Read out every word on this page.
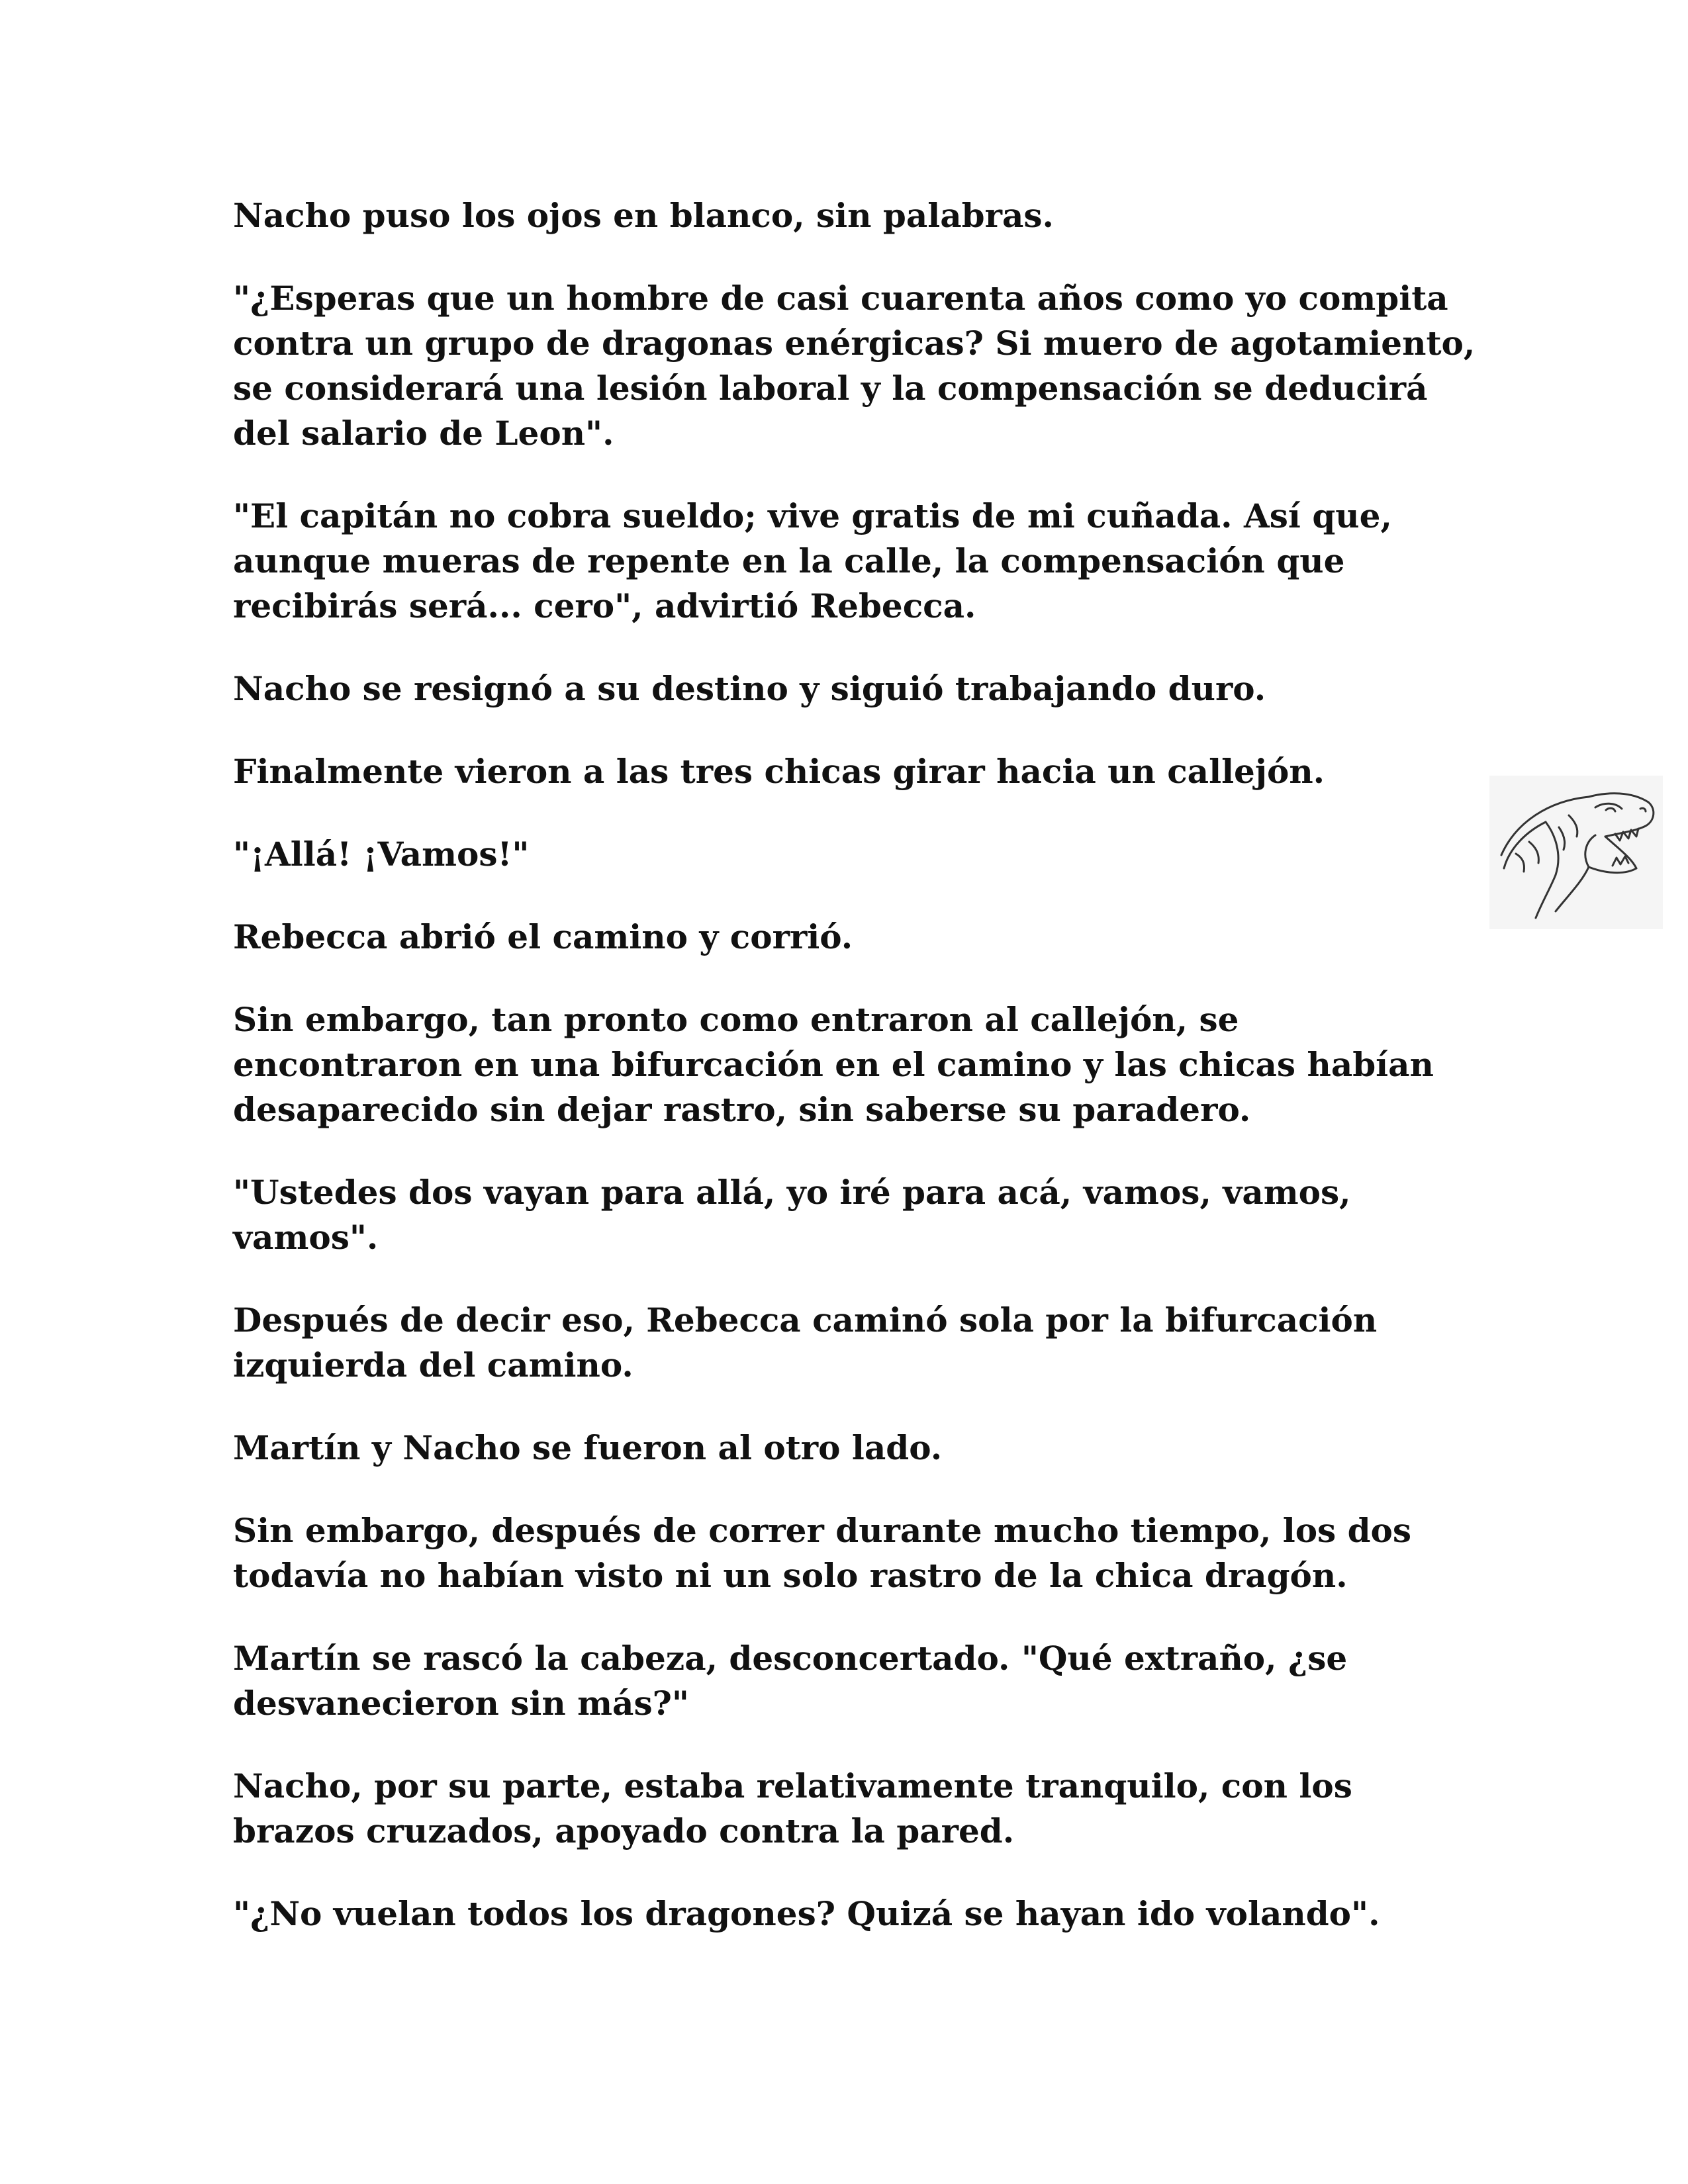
Nacho puso los ojos en blanco, sin palabras.

"¿Esperas que un hombre de casi cuarenta años como yo compita contra un grupo de dragonas enérgicas? Si muero de agotamiento, se considerará una lesión laboral y la compensación se deducirá del salario de Leon".

"El capitán no cobra sueldo; vive gratis de mi cuñada. Así que, aunque mueras de repente en la calle, la compensación que recibirás será... cero", advirtió Rebecca.

Nacho se resignó a su destino y siguió trabajando duro.

Finalmente vieron a las tres chicas girar hacia un callejón.

"¡Allá! ¡Vamos!"

Rebecca abrió el camino y corrió.

Sin embargo, tan pronto como entraron al callejón, se encontraron en una bifurcación en el camino y las chicas habían desaparecido sin dejar rastro, sin saberse su paradero.

"Ustedes dos vayan para allá, yo iré para acá, vamos, vamos, vamos".

Después de decir eso, Rebecca caminó sola por la bifurcación izquierda del camino.

Martín y Nacho se fueron al otro lado.

Sin embargo, después de correr durante mucho tiempo, los dos todavía no habían visto ni un solo rastro de la chica dragón.

Martín se rascó la cabeza, desconcertado. "Qué extraño, ¿se desvanecieron sin más?"

Nacho, por su parte, estaba relativamente tranquilo, con los brazos cruzados, apoyado contra la pared.

"¿No vuelan todos los dragones? Quizá se hayan ido volando".
